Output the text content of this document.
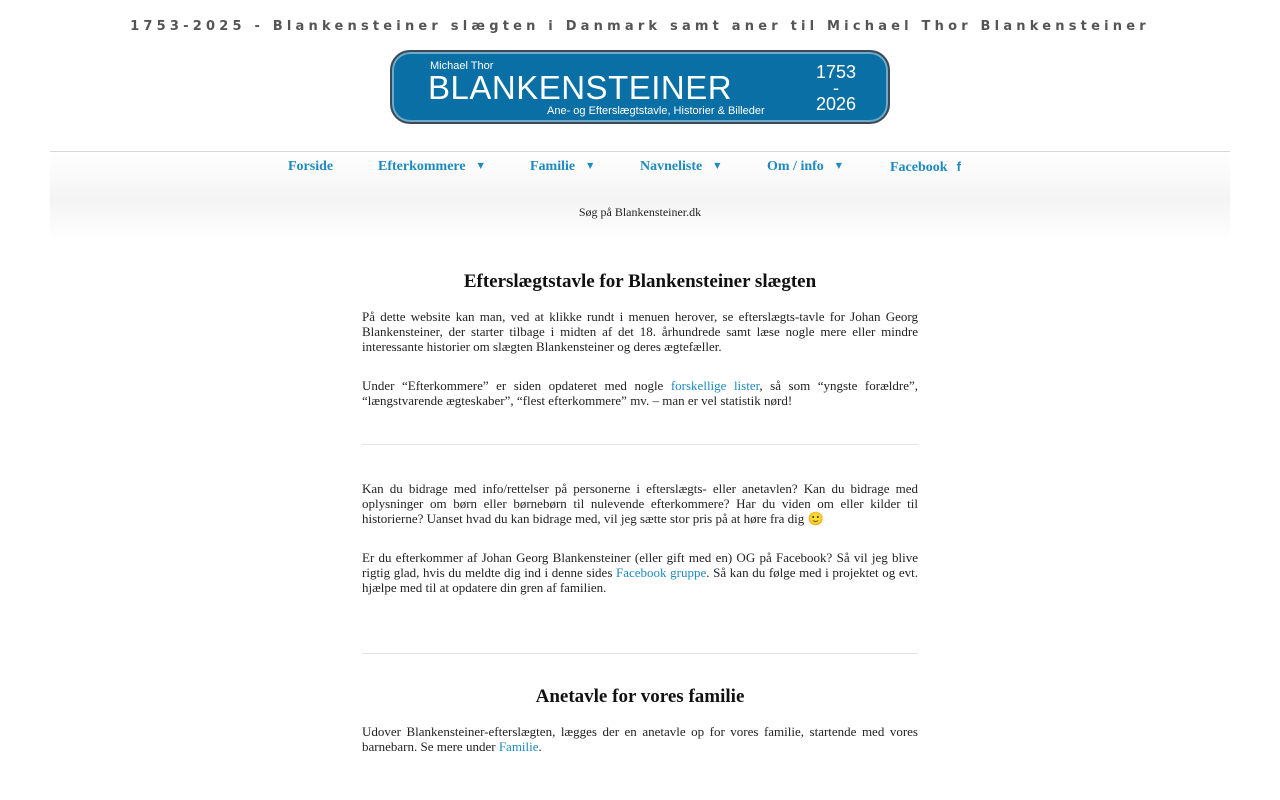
1753-2025 - Blankensteiner slægten i Danmark samt aner til Michael Thor Blankensteiner
Michael Thor
BLANKENSTEINER
Ane- og Efterslægtstavle, Historier & Billeder
1753
-
2026
Forside	Efterkommere ▼	Familie ▼	Navneliste ▼	Om / info ▼	Facebook f
Søg på Blankensteiner.dk
Efterslægtstavle for Blankensteiner slægten

På dette website kan man, ved at klikke rundt i menuen herover, se efterslægts-tavle for Johan Georg Blankensteiner, der starter tilbage i midten af det 18. århundrede samt læse nogle mere eller mindre interessante historier om slægten Blankensteiner og deres ægtefæller.

Under “Efterkommere” er siden opdateret med nogle forskellige lister, så som “yngste forældre”, “længstvarende ægteskaber”, “flest efterkommere” mv. – man er vel statistik nørd!

Kan du bidrage med info/rettelser på personerne i efterslægts- eller anetavlen? Kan du bidrage med oplysninger om børn eller børnebørn til nulevende efterkommere? Har du viden om eller kilder til historierne? Uanset hvad du kan bidrage med, vil jeg sætte stor pris på at høre fra dig 🙂

Er du efterkommer af Johan Georg Blankensteiner (eller gift med en) OG på Facebook? Så vil jeg blive rigtig glad, hvis du meldte dig ind i denne sides Facebook gruppe. Så kan du følge med i projektet og evt. hjælpe med til at opdatere din gren af familien.

Anetavle for vores familie

Udover Blankensteiner-efterslægten, lægges der en anetavle op for vores familie, startende med vores barnebarn. Se mere under Familie.
